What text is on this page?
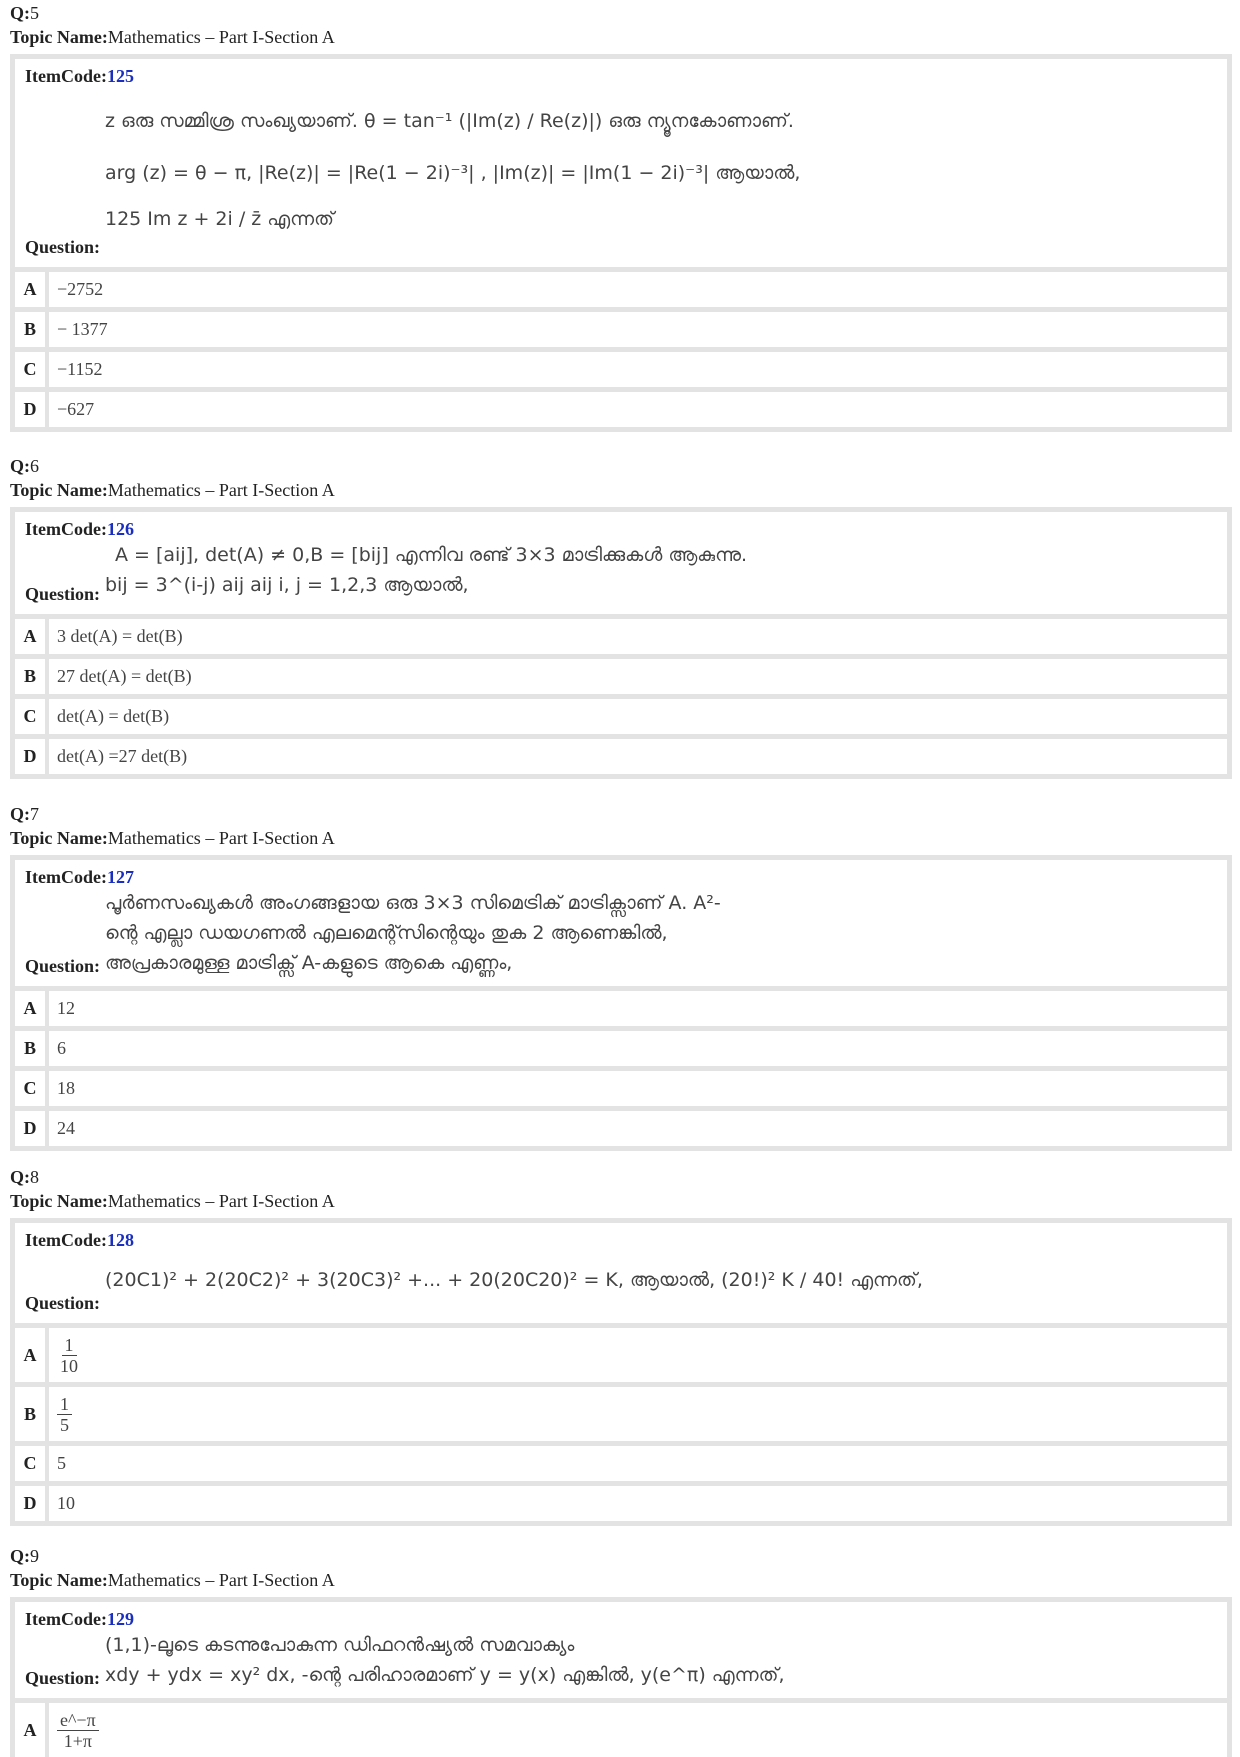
Q:5
Topic Name:Mathematics – Part I-Section A
ItemCode:125
z ഒരു സമ്മിശ്ര സംഖ്യയാണ്. θ = tan⁻¹ (|Im(z) / Re(z)|) ഒരു ന്യൂനകോണാണ്.
arg (z) = θ − π, |Re(z)| = |Re(1 − 2i)⁻³| , |Im(z)| = |Im(1 − 2i)⁻³| ആയാൽ,
125 Im z + 2i / z̄ എന്നത്
Question:
A	−2752
B	− 1377
C	−1152
D	−627
Q:6
Topic Name:Mathematics – Part I-Section A
ItemCode:126
A = [aij], det(A) ≠ 0,B = [bij] എന്നിവ രണ്ട് 3×3 മാട്രിക്കുകൾ ആകുന്നു.
bij = 3^(i-j) aij aij i, j = 1,2,3 ആയാൽ,
Question:
A	3 det(A) = det(B)
B	27 det(A) = det(B)
C	det(A) = det(B)
D	det(A) =27 det(B)
Q:7
Topic Name:Mathematics – Part I-Section A
ItemCode:127
പൂർണസംഖ്യകൾ അംഗങ്ങളായ ഒരു 3×3 സിമെട്രിക് മാട്രിക്സാണ് A. A²-
ന്റെ എല്ലാ ഡയഗണൽ എലമെന്റ്സിന്റെയും തുക 2 ആണെങ്കിൽ,
അപ്രകാരമുള്ള മാട്രിക്സ് A-കളുടെ ആകെ എണ്ണം,
Question:
A	12
B	6
C	18
D	24
Q:8
Topic Name:Mathematics – Part I-Section A
ItemCode:128
(20C1)² + 2(20C2)² + 3(20C3)² +... + 20(20C20)² = K, ആയാൽ, (20!)² K / 40! എന്നത്,
Question:
A	$\frac{1}{10}$
B	$\frac{1}{5}$
C	5
D	10
Q:9
Topic Name:Mathematics – Part I-Section A
ItemCode:129
(1,1)-ലൂടെ കടന്നുപോകുന്ന ഡിഫറൻഷ്യൽ സമവാക്യം
xdy + ydx = xy² dx, -ന്റെ പരിഹാരമാണ് y = y(x) എങ്കിൽ, y(e^π) എന്നത്,
Question:
A	$\frac{e\^{}-\pi}{1+\pi}$
